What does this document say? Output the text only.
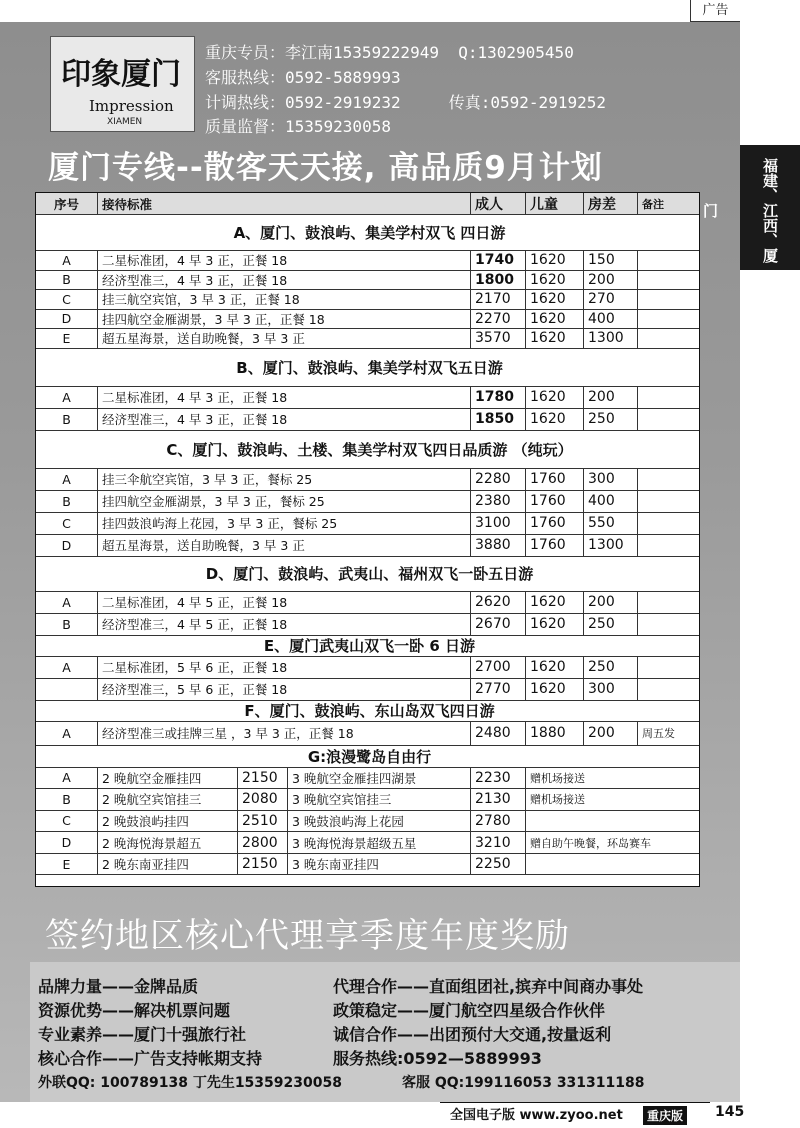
广告
福建、江西、厦门
印象厦门
Impression
XIAMEN
重庆专员：李江南15359222949  Q:1302905450
客服热线：0592-5889993
计调热线：0592-2919232     传真:0592-2919252
质量监督：15359230058
厦门专线--散客天天接, 高品质9月计划
序号	接待标准	成人	儿童	房差	备注
A、厦门、鼓浪屿、集美学村双飞 四日游
A	二星标准团，4 早 3 正，正餐 18	1740	1620	150
B	经济型准三，4 早 3 正，正餐 18	1800	1620	200
C	挂三航空宾馆，3 早 3 正，正餐 18	2170	1620	270
D	挂四航空金雁湖景，3 早 3 正，正餐 18	2270	1620	400
E	超五星海景，送自助晚餐，3 早 3 正	3570	1620	1300
B、厦门、鼓浪屿、集美学村双飞五日游
A	二星标准团，4 早 3 正，正餐 18	1780	1620	200
B	经济型准三，4 早 3 正，正餐 18	1850	1620	250
C、厦门、鼓浪屿、土楼、集美学村双飞四日品质游 （纯玩）
A	挂三伞航空宾馆，3 早 3 正，餐标 25	2280	1760	300
B	挂四航空金雁湖景，3 早 3 正，餐标 25	2380	1760	400
C	挂四鼓浪屿海上花园，3 早 3 正，餐标 25	3100	1760	550
D	超五星海景，送自助晚餐，3 早 3 正	3880	1760	1300
D、厦门、鼓浪屿、武夷山、福州双飞一卧五日游
A	二星标准团，4 早 5 正，正餐 18	2620	1620	200
B	经济型准三，4 早 5 正，正餐 18	2670	1620	250
E、厦门武夷山双飞一卧 6 日游
A	二星标准团，5 早 6 正，正餐 18	2700	1620	250
经济型准三，5 早 6 正，正餐 18	2770	1620	300
F、厦门、鼓浪屿、东山岛双飞四日游
A	经济型准三或挂牌三星 ，3 早 3 正，正餐 18	2480	1880	200	周五发
G:浪漫鹭岛自由行
A	2 晚航空金雁挂四	2150	3 晚航空金雁挂四湖景	2230	赠机场接送
B	2 晚航空宾馆挂三	2080	3 晚航空宾馆挂三	2130	赠机场接送
C	2 晚鼓浪屿挂四	2510	3 晚鼓浪屿海上花园	2780
D	2 晚海悦海景超五	2800	3 晚海悦海景超级五星	3210	赠自助午晚餐，环岛赛车
E	2 晚东南亚挂四	2150	3 晚东南亚挂四	2250
签约地区核心代理享季度年度奖励
品牌力量——金牌品质
资源优势——解决机票问题
专业素养——厦门十强旅行社
核心合作——广告支持帐期支持
代理合作——直面组团社,摈弃中间商办事处
政策稳定——厦门航空四星级合作伙伴
诚信合作——出团预付大交通,按量返利
服务热线:0592—5889993
外联QQ: 100789138 丁先生15359230058	客服 QQ:199116053 331311188
全国电子版 www.zyoo.net	重庆版 145
